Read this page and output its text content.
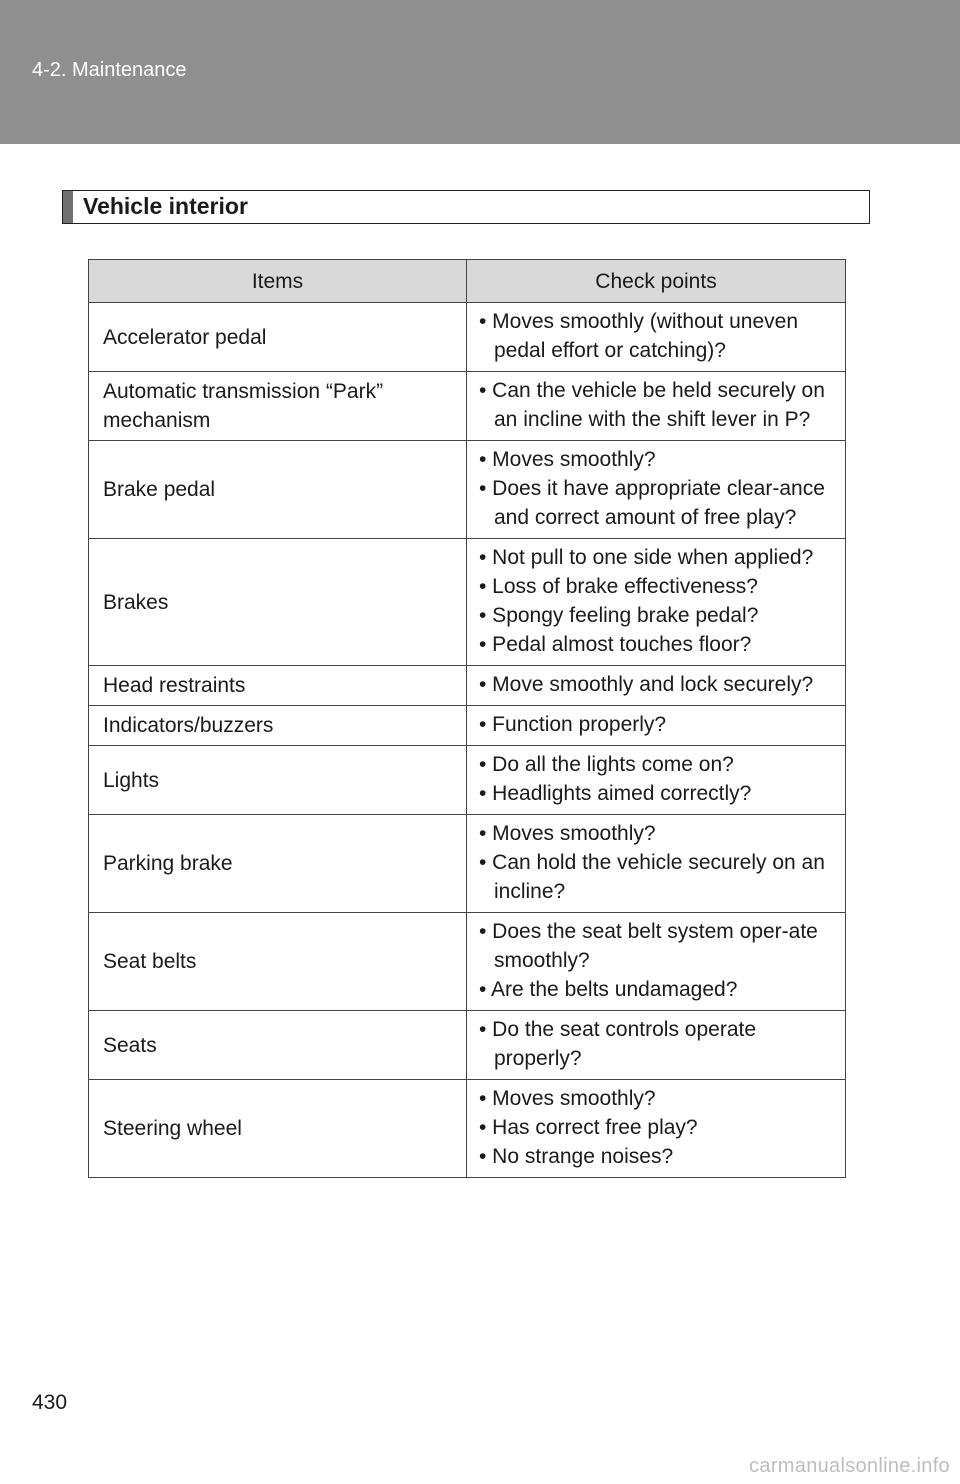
4-2. Maintenance
Vehicle interior
Items	Check points

Accelerator pedal	• Moves smoothly (without uneven pedal effort or catching)?

Automatic transmission “Park”
mechanism	• Can the vehicle be held securely on an incline with the shift lever in P?

Brake pedal	• Moves smoothly?
• Does it have appropriate clear-ance and correct amount of free play?

Brakes	• Not pull to one side when applied?
• Loss of brake effectiveness?
• Spongy feeling brake pedal?
• Pedal almost touches floor?

Head restraints	• Move smoothly and lock securely?

Indicators/buzzers	• Function properly?

Lights	• Do all the lights come on?
• Headlights aimed correctly?

Parking brake	• Moves smoothly?
• Can hold the vehicle securely on an incline?

Seat belts	• Does the seat belt system oper-ate smoothly?
• Are the belts undamaged?

Seats	• Do the seat controls operate properly?

Steering wheel	• Moves smoothly?
• Has correct free play?
• No strange noises?
430
carmanualsonline.info
